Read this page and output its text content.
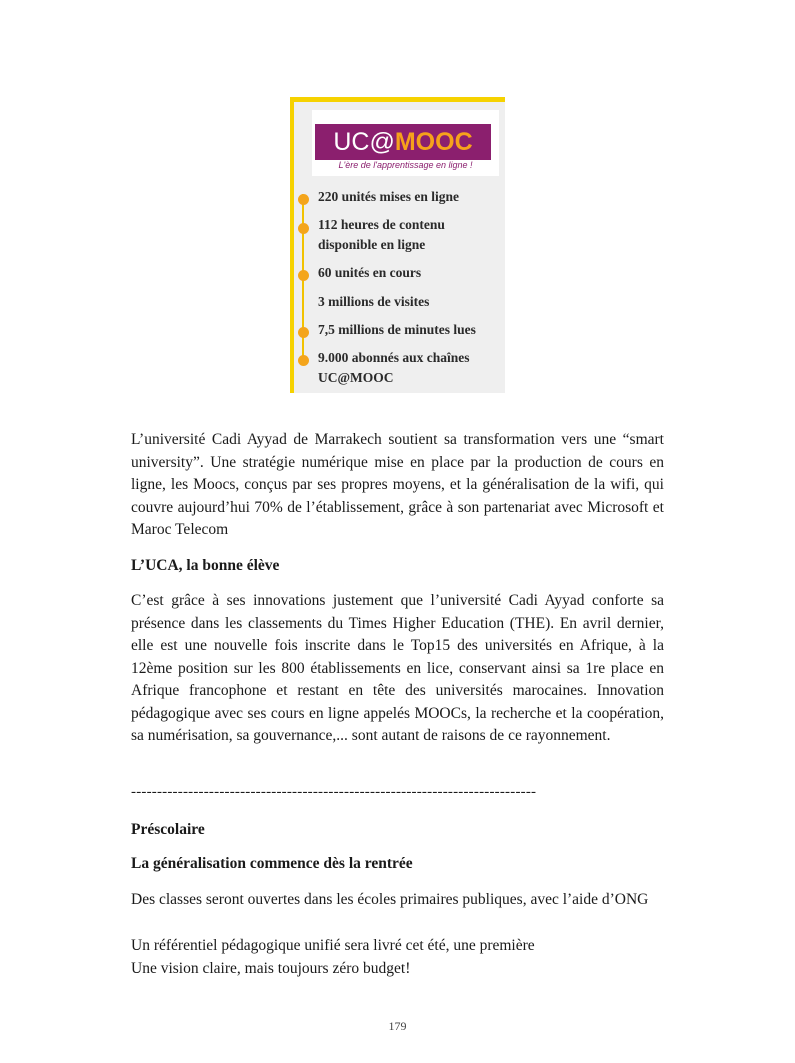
UC@ MOOC
L'ère de l'apprentissage en ligne !
220 unités mises en ligne
112 heures de contenu
disponible en ligne
60 unités en cours
3 millions de visites
7,5 millions de minutes lues
9.000 abonnés aux chaînes
UC@MOOC

L’université Cadi Ayyad de Marrakech soutient sa transformation vers une “smart university”. Une stratégie numérique mise en place par la production de cours en ligne, les Moocs, conçus par ses propres moyens, et la généralisation de la wifi, qui couvre aujourd’hui 70% de l’établissement, grâce à son partenariat avec Microsoft et Maroc Telecom

L’UCA, la bonne élève

C’est grâce à ses innovations justement que l’université Cadi Ayyad conforte sa présence dans les classements du Times Higher Education (THE). En avril dernier, elle est une nouvelle fois inscrite dans le Top15 des universités en Afrique, à la 12ème position sur les 800 établissements en lice, conservant ainsi sa 1re place en Afrique francophone et restant en tête des universités marocaines. Innovation pédagogique avec ses cours en ligne appelés MOOCs, la recherche et la coopération, sa numérisation, sa gouvernance,... sont autant de raisons de ce rayonnement.

------------------------------------------------------------------------------

Préscolaire

La généralisation commence dès la rentrée

Des classes seront ouvertes dans les écoles primaires publiques, avec l’aide d’ONG

Un référentiel pédagogique unifié sera livré cet été, une première

Une vision claire, mais toujours zéro budget!

179
